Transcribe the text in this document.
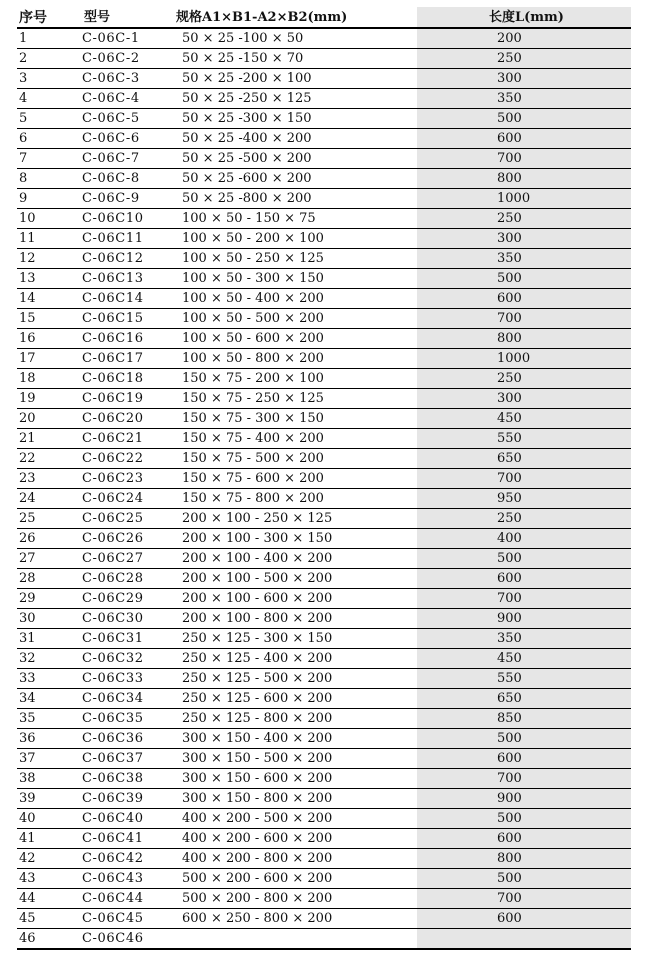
序号	型号	规格A1×B1-A2×B2(mm)	长度L(mm)
1	C-06C-1	50 × 25 -100 × 50	200
2	C-06C-2	50 × 25 -150 × 70	250
3	C-06C-3	50 × 25 -200 × 100	300
4	C-06C-4	50 × 25 -250 × 125	350
5	C-06C-5	50 × 25 -300 × 150	500
6	C-06C-6	50 × 25 -400 × 200	600
7	C-06C-7	50 × 25 -500 × 200	700
8	C-06C-8	50 × 25 -600 × 200	800
9	C-06C-9	50 × 25 -800 × 200	1000
10	C-06C10	100 × 50 - 150 × 75	250
11	C-06C11	100 × 50 - 200 × 100	300
12	C-06C12	100 × 50 - 250 × 125	350
13	C-06C13	100 × 50 - 300 × 150	500
14	C-06C14	100 × 50 - 400 × 200	600
15	C-06C15	100 × 50 - 500 × 200	700
16	C-06C16	100 × 50 - 600 × 200	800
17	C-06C17	100 × 50 - 800 × 200	1000
18	C-06C18	150 × 75 - 200 × 100	250
19	C-06C19	150 × 75 - 250 × 125	300
20	C-06C20	150 × 75 - 300 × 150	450
21	C-06C21	150 × 75 - 400 × 200	550
22	C-06C22	150 × 75 - 500 × 200	650
23	C-06C23	150 × 75 - 600 × 200	700
24	C-06C24	150 × 75 - 800 × 200	950
25	C-06C25	200 × 100 - 250 × 125	250
26	C-06C26	200 × 100 - 300 × 150	400
27	C-06C27	200 × 100 - 400 × 200	500
28	C-06C28	200 × 100 - 500 × 200	600
29	C-06C29	200 × 100 - 600 × 200	700
30	C-06C30	200 × 100 - 800 × 200	900
31	C-06C31	250 × 125 - 300 × 150	350
32	C-06C32	250 × 125 - 400 × 200	450
33	C-06C33	250 × 125 - 500 × 200	550
34	C-06C34	250 × 125 - 600 × 200	650
35	C-06C35	250 × 125 - 800 × 200	850
36	C-06C36	300 × 150 - 400 × 200	500
37	C-06C37	300 × 150 - 500 × 200	600
38	C-06C38	300 × 150 - 600 × 200	700
39	C-06C39	300 × 150 - 800 × 200	900
40	C-06C40	400 × 200 - 500 × 200	500
41	C-06C41	400 × 200 - 600 × 200	600
42	C-06C42	400 × 200 - 800 × 200	800
43	C-06C43	500 × 200 - 600 × 200	500
44	C-06C44	500 × 200 - 800 × 200	700
45	C-06C45	600 × 250 - 800 × 200	600
46	C-06C46		
